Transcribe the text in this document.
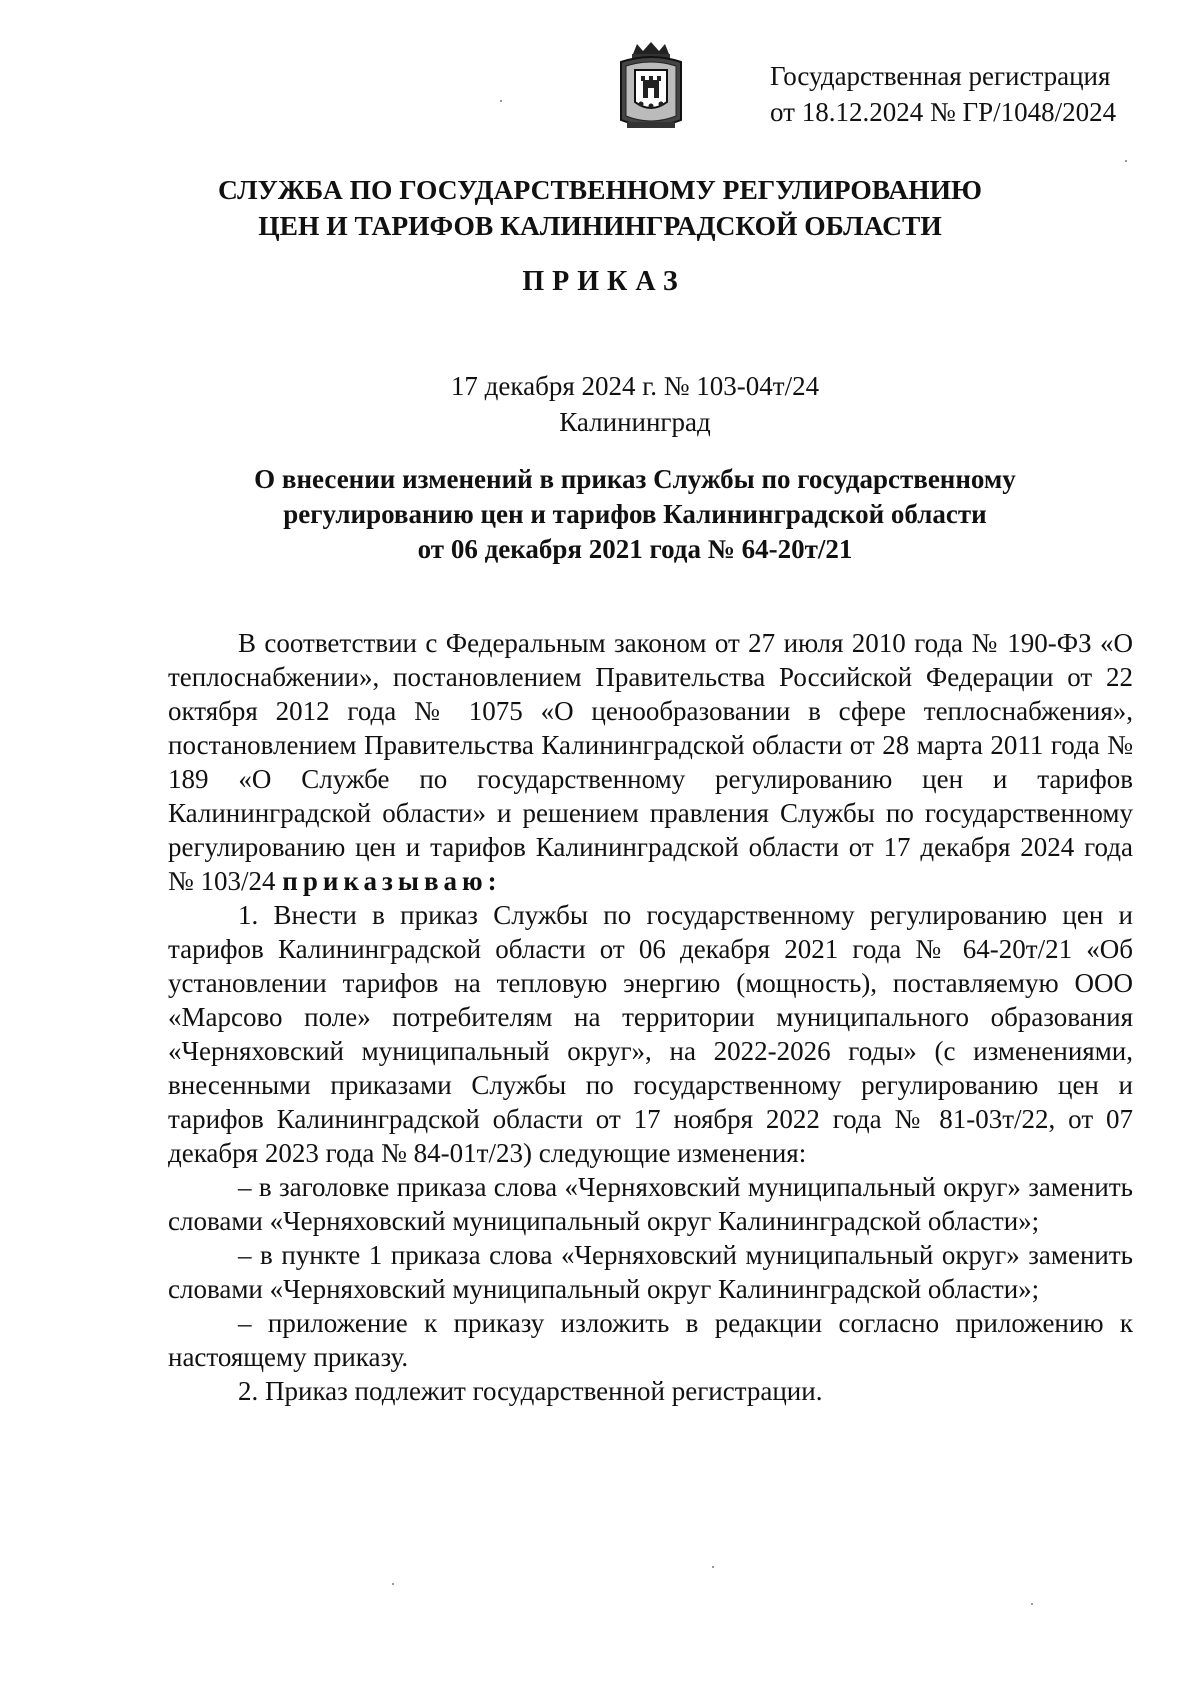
Государственная регистрация
от 18.12.2024 № ГР/1048/2024
СЛУЖБА ПО ГОСУДАРСТВЕННОМУ РЕГУЛИРОВАНИЮ
ЦЕН И ТАРИФОВ КАЛИНИНГРАДСКОЙ ОБЛАСТИ
ПРИКАЗ
17 декабря 2024 г. № 103-04т/24
Калининград
О внесении изменений в приказ Службы по государственному
регулированию цен и тарифов Калининградской области
от 06 декабря 2021 года № 64-20т/21

В соответствии с Федеральным законом от 27 июля 2010 года № 190-ФЗ «О теплоснабжении», постановлением Правительства Российской Федерации от 22 октября 2012 года № 1075 «О ценообразовании в сфере теплоснабжения», постановлением Правительства Калининградской области от 28 марта 2011 года № 189 «О Службе по государственному регулированию цен и тарифов Калининградской области» и решением правления Службы по государственному регулированию цен и тарифов Калининградской области от 17 декабря 2024 года № 103/24 приказываю:

1. Внести в приказ Службы по государственному регулированию цен и тарифов Калининградской области от 06 декабря 2021 года № 64-20т/21 «Об установлении тарифов на тепловую энергию (мощность), поставляемую ООО «Марсово поле» потребителям на территории муниципального образования «Черняховский муниципальный округ», на 2022-2026 годы» (с изменениями, внесенными приказами Службы по государственному регулированию цен и тарифов Калининградской области от 17 ноября 2022 года № 81-03т/22, от 07 декабря 2023 года № 84-01т/23) следующие изменения:

– в заголовке приказа слова «Черняховский муниципальный округ» заменить словами «Черняховский муниципальный округ Калининградской области»;

– в пункте 1 приказа слова «Черняховский муниципальный округ» заменить словами «Черняховский муниципальный округ Калининградской области»;

– приложение к приказу изложить в редакции согласно приложению к настоящему приказу.

2. Приказ подлежит государственной регистрации.
